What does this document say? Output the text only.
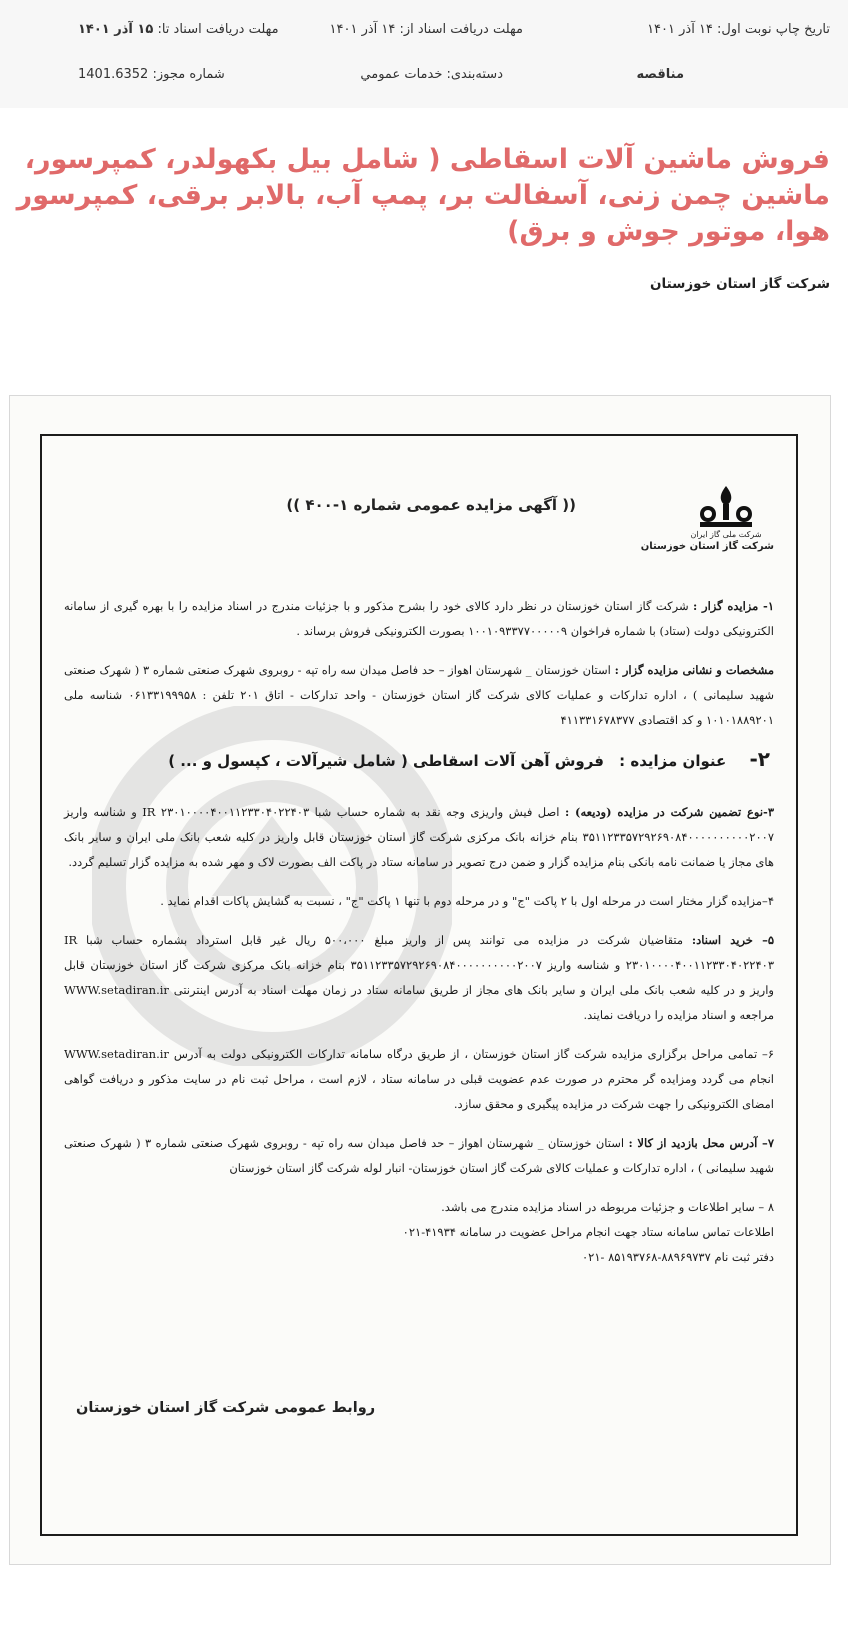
تاریخ چاپ نوبت اول: ۱۴ آذر ۱۴۰۱
مهلت دریافت اسناد از: ۱۴ آذر ۱۴۰۱
مهلت دریافت اسناد تا: ۱۵ آذر ۱۴۰۱
مناقصه
دسته‌بندی: خدمات عمومي
شماره مجوز: 1401.6352
فروش ماشین آلات اسقاطی ( شامل بیل بکهولدر، کمپرسور، ماشین چمن زنی، آسفالت بر، پمپ آب، بالابر برقی، کمپرسور هوا، موتور جوش و برق)
شرکت گاز استان خوزستان
شرکت ملی گاز ایران
شرکت گاز استان خوزستان
(( آگهی مزایده عمومی شماره ۱-۴۰۰ ))

۱- مزایده گزار : شرکت گاز استان خوزستان در نظر دارد کالای خود را بشرح مذکور و با جزئیات مندرج در اسناد مزایده را با بهره گیری از سامانه الکترونیکی دولت (ستاد) با شماره فراخوان ۱۰۰۱۰۹۳۳۷۷۰۰۰۰۰۹ بصورت الکترونیکی فروش برساند .

مشخصات و نشانی مزایده گزار : استان خوزستان _ شهرستان اهواز – حد فاصل میدان سه راه تپه - روبروی شهرک صنعتی شماره ۳ ( شهرک صنعتی شهید سلیمانی ) ، اداره تدارکات و عملیات کالای شرکت گاز استان خوزستان - واحد تدارکات - اتاق ۲۰۱ تلفن : ۰۶۱۳۳۱۹۹۹۵۸ شناسه ملی ۱۰۱۰۱۸۸۹۲۰۱ و کد اقتصادی ۴۱۱۳۳۱۶۷۸۳۷۷

۲- عنوان مزایده : فروش آهن آلات اسقاطی ( شامل شیرآلات ، کپسول و ... )

۳-نوع تضمین شرکت در مزایده (ودیعه) : اصل فیش واریزی وجه نقد به شماره حساب شبا IR ۲۳۰۱۰۰۰۰۴۰۰۱۱۲۳۳۰۴۰۲۲۴۰۳ و شناسه واریز ۳۵۱۱۲۳۳۵۷۲۹۲۶۹۰۸۴۰۰۰۰۰۰۰۰۰۰۲۰۰۷ بنام خزانه بانک مرکزی شرکت گاز استان خوزستان قابل واریز در کلیه شعب بانک ملی ایران و سایر بانک های مجاز یا ضمانت نامه بانکی بنام مزایده گزار و ضمن درج تصویر در سامانه ستاد در پاکت الف بصورت لاک و مهر شده به مزایده گزار تسلیم گردد.

۴–مزایده گزار مختار است در مرحله اول با ۲ پاکت "ج" و در مرحله دوم با تنها ۱ پاکت "ج" ، نسبت به گشایش پاکات اقدام نماید .

۵– خرید اسناد: متقاضیان شرکت در مزایده می توانند پس از واریز مبلغ ۵۰۰،۰۰۰ ریال غیر قابل استرداد بشماره حساب شبا IR ۲۳۰۱۰۰۰۰۴۰۰۱۱۲۳۳۰۴۰۲۲۴۰۳ و شناسه واریز ۳۵۱۱۲۳۳۵۷۲۹۲۶۹۰۸۴۰۰۰۰۰۰۰۰۰۰۲۰۰۷ بنام خزانه بانک مرکزی شرکت گاز استان خوزستان قابل واریز و در کلیه شعب بانک ملی ایران و سایر بانک های مجاز از طریق سامانه ستاد در زمان مهلت اسناد به آدرس اینترنتی WWW.setadiran.ir مراجعه و اسناد مزایده را دریافت نمایند.

۶– تمامی مراحل برگزاری مزایده شرکت گاز استان خوزستان ، از طریق درگاه سامانه تدارکات الکترونیکی دولت به آدرس WWW.setadiran.ir انجام می گردد ومزایده گر محترم در صورت عدم عضویت قبلی در سامانه ستاد ، لازم است ، مراحل ثبت نام در سایت مذکور و دریافت گواهی امضای الکترونیکی را جهت شرکت در مزایده پیگیری و محقق سازد.

۷– آدرس محل بازدید از کالا : استان خوزستان _ شهرستان اهواز – حد فاصل میدان سه راه تپه - روبروی شهرک صنعتی شماره ۳ ( شهرک صنعتی شهید سلیمانی ) ، اداره تدارکات و عملیات کالای شرکت گاز استان خوزستان- انبار لوله شرکت گاز استان خوزستان

۸ – سایر اطلاعات و جزئیات مربوطه در اسناد مزایده مندرج می باشد.
اطلاعات تماس سامانه ستاد جهت انجام مراحل عضویت در سامانه ۴۱۹۳۴-۰۲۱
دفتر ثبت نام ۸۸۹۶۹۷۳۷-۸۵۱۹۳۷۶۸ -۰۲۱

روابط عمومی شرکت گاز استان خوزستان
